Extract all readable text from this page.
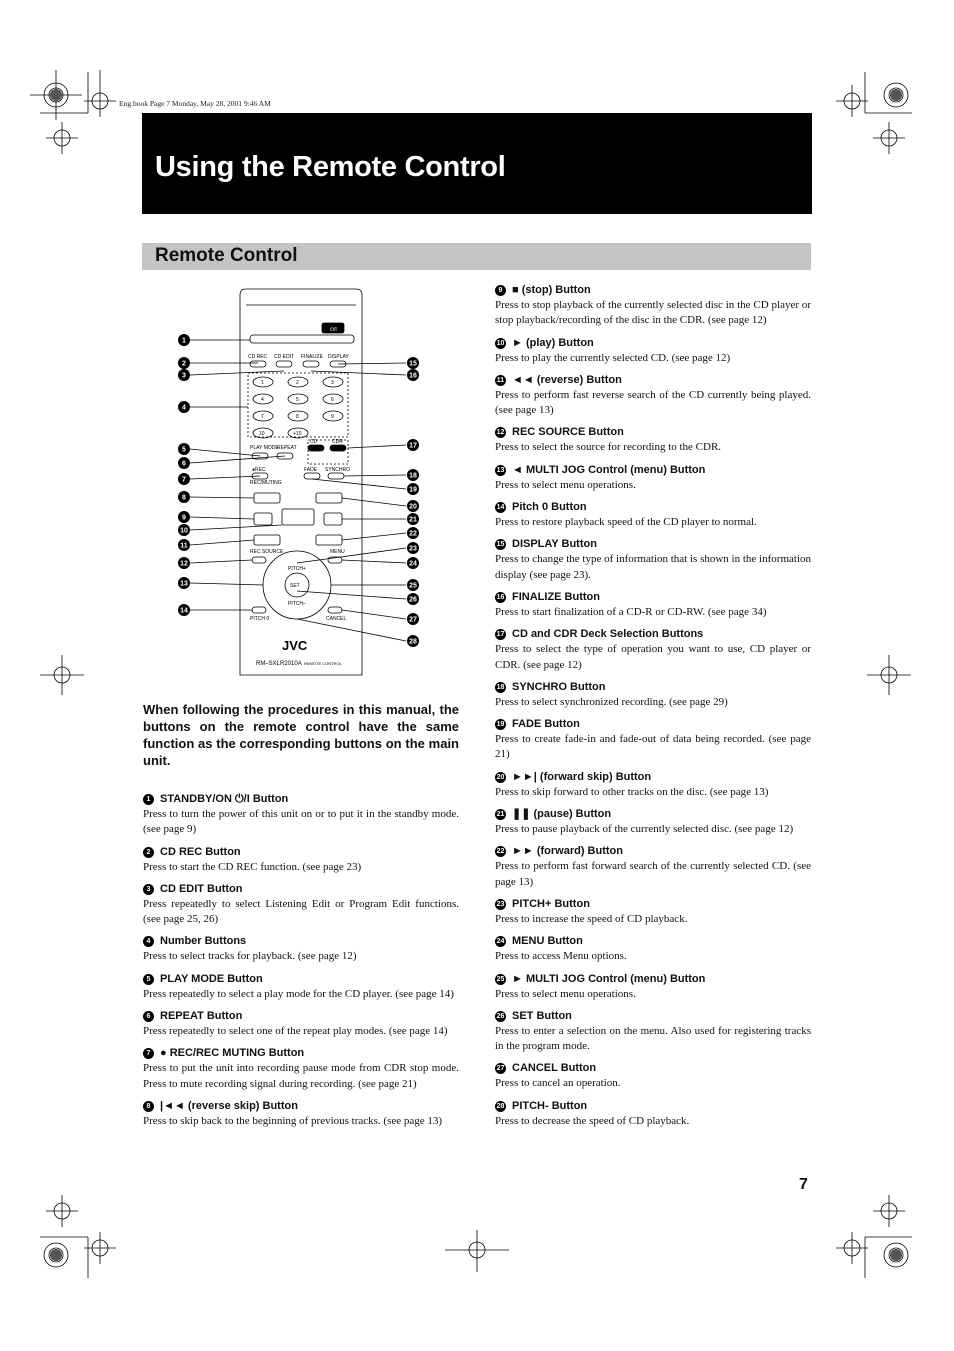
Eng.book Page 7 Monday, May 28, 2001 9:46 AM
Using the Remote Control
Remote Control
⏻/I
CD REC CD EDIT FINALIZE DISPLAY
1	2	3
4	5	6
7	8	9
10	+10
PLAY MODE
REPEAT
CD	CDR
●REC
REC/MUTING
FADE SYNCHRO
REC SOURCE	MENU
PITCH+
SET
PITCH–
PITCH 0	CANCEL
JVC
RM–SXLR2010A REMOTE CONTROL
1
2
3
4
5
6
7
8
9
10
11
12
13
14
15
16
17
18
19
20
21
22
23
24
25
26
27
28
When following the procedures in this manual, the buttons on the remote control have the same function as the corresponding buttons on the main unit.
1 STANDBY/ON ⏻/I Button

Press to turn the power of this unit on or to put it in the standby mode. (see page 9)

2 CD REC Button

Press to start the CD REC function. (see page 23)

3 CD EDIT Button

Press repeatedly to select Listening Edit or Program Edit functions. (see page 25, 26)

4 Number Buttons

Press to select tracks for playback. (see page 12)

5 PLAY MODE Button

Press repeatedly to select a play mode for the CD player. (see page 14)

6 REPEAT Button

Press repeatedly to select one of the repeat play modes. (see page 14)

7 ● REC/REC MUTING Button

Press to put the unit into recording pause mode from CDR stop mode. Press to mute recording signal during recording. (see page 21)

8 |◄◄ (reverse skip) Button

Press to skip back to the beginning of previous tracks. (see page 13)

9 ■ (stop) Button

Press to stop playback of the currently selected disc in the CD player or stop playback/recording of the disc in the CDR. (see page 12)

10 ► (play) Button

Press to play the currently selected CD. (see page 12)

11 ◄◄ (reverse) Button

Press to perform fast reverse search of the CD currently being played. (see page 13)

12 REC SOURCE Button

Press to select the source for recording to the CDR.

13 ◄ MULTI JOG Control (menu) Button

Press to select menu operations.

14 Pitch 0 Button

Press to restore playback speed of the CD player to normal.

15 DISPLAY Button

Press to change the type of information that is shown in the information display (see page 23).

16 FINALIZE Button

Press to start finalization of a CD-R or CD-RW. (see page 34)

17 CD and CDR Deck Selection Buttons

Press to select the type of operation you want to use, CD player or CDR. (see page 12)

18 SYNCHRO Button

Press to select synchronized recording. (see page 29)

19 FADE Button

Press to create fade-in and fade-out of data being recorded. (see page 21)

20 ►►| (forward skip) Button

Press to skip forward to other tracks on the disc. (see page 13)

21 ❚❚ (pause) Button

Press to pause playback of the currently selected disc. (see page 12)

22 ►► (forward) Button

Press to perform fast forward search of the currently selected CD. (see page 13)

23 PITCH+ Button

Press to increase the speed of CD playback.

24 MENU Button

Press to access Menu options.

25 ► MULTI JOG Control (menu) Button

Press to select menu operations.

26 SET Button

Press to enter a selection on the menu. Also used for registering tracks in the program mode.

27 CANCEL Button

Press to cancel an operation.

28 PITCH- Button

Press to decrease the speed of CD playback.

7
